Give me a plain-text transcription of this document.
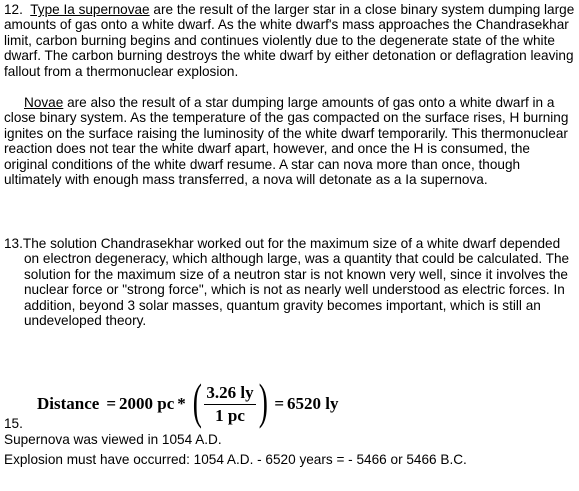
12. Type Ia supernovae are the result of the larger star in a close binary system dumping large amounts of gas onto a white dwarf. As the white dwarf's mass approaches the Chandrasekhar limit, carbon burning begins and continues violently due to the degenerate state of the white dwarf. The carbon burning destroys the white dwarf by either detonation or deflagration leaving fallout from a thermonuclear explosion.

Novae are also the result of a star dumping large amounts of gas onto a white dwarf in a close binary system. As the temperature of the gas compacted on the surface rises, H burning ignites on the surface raising the luminosity of the white dwarf temporarily. This thermonuclear reaction does not tear the white dwarf apart, however, and once the H is consumed, the original conditions of the white dwarf resume. A star can nova more than once, though ultimately with enough mass transferred, a nova will detonate as a Ia supernova.

13.The solution Chandrasekhar worked out for the maximum size of a white dwarf depended on electron degeneracy, which although large, was a quantity that could be calculated. The solution for the maximum size of a neutron star is not known very well, since it involves the nuclear force or "strong force", which is not as nearly well understood as electric forces. In addition, beyond 3 solar masses, quantum gravity becomes important, which is still an undeveloped theory.

Distance = 2000 pc * ( $\frac{3.26 ly}{1 pc}$ ) = 6520 ly
15.
Supernova was viewed in 1054 A.D.
Explosion must have occurred: 1054 A.D. - 6520 years = - 5466 or 5466 B.C.
